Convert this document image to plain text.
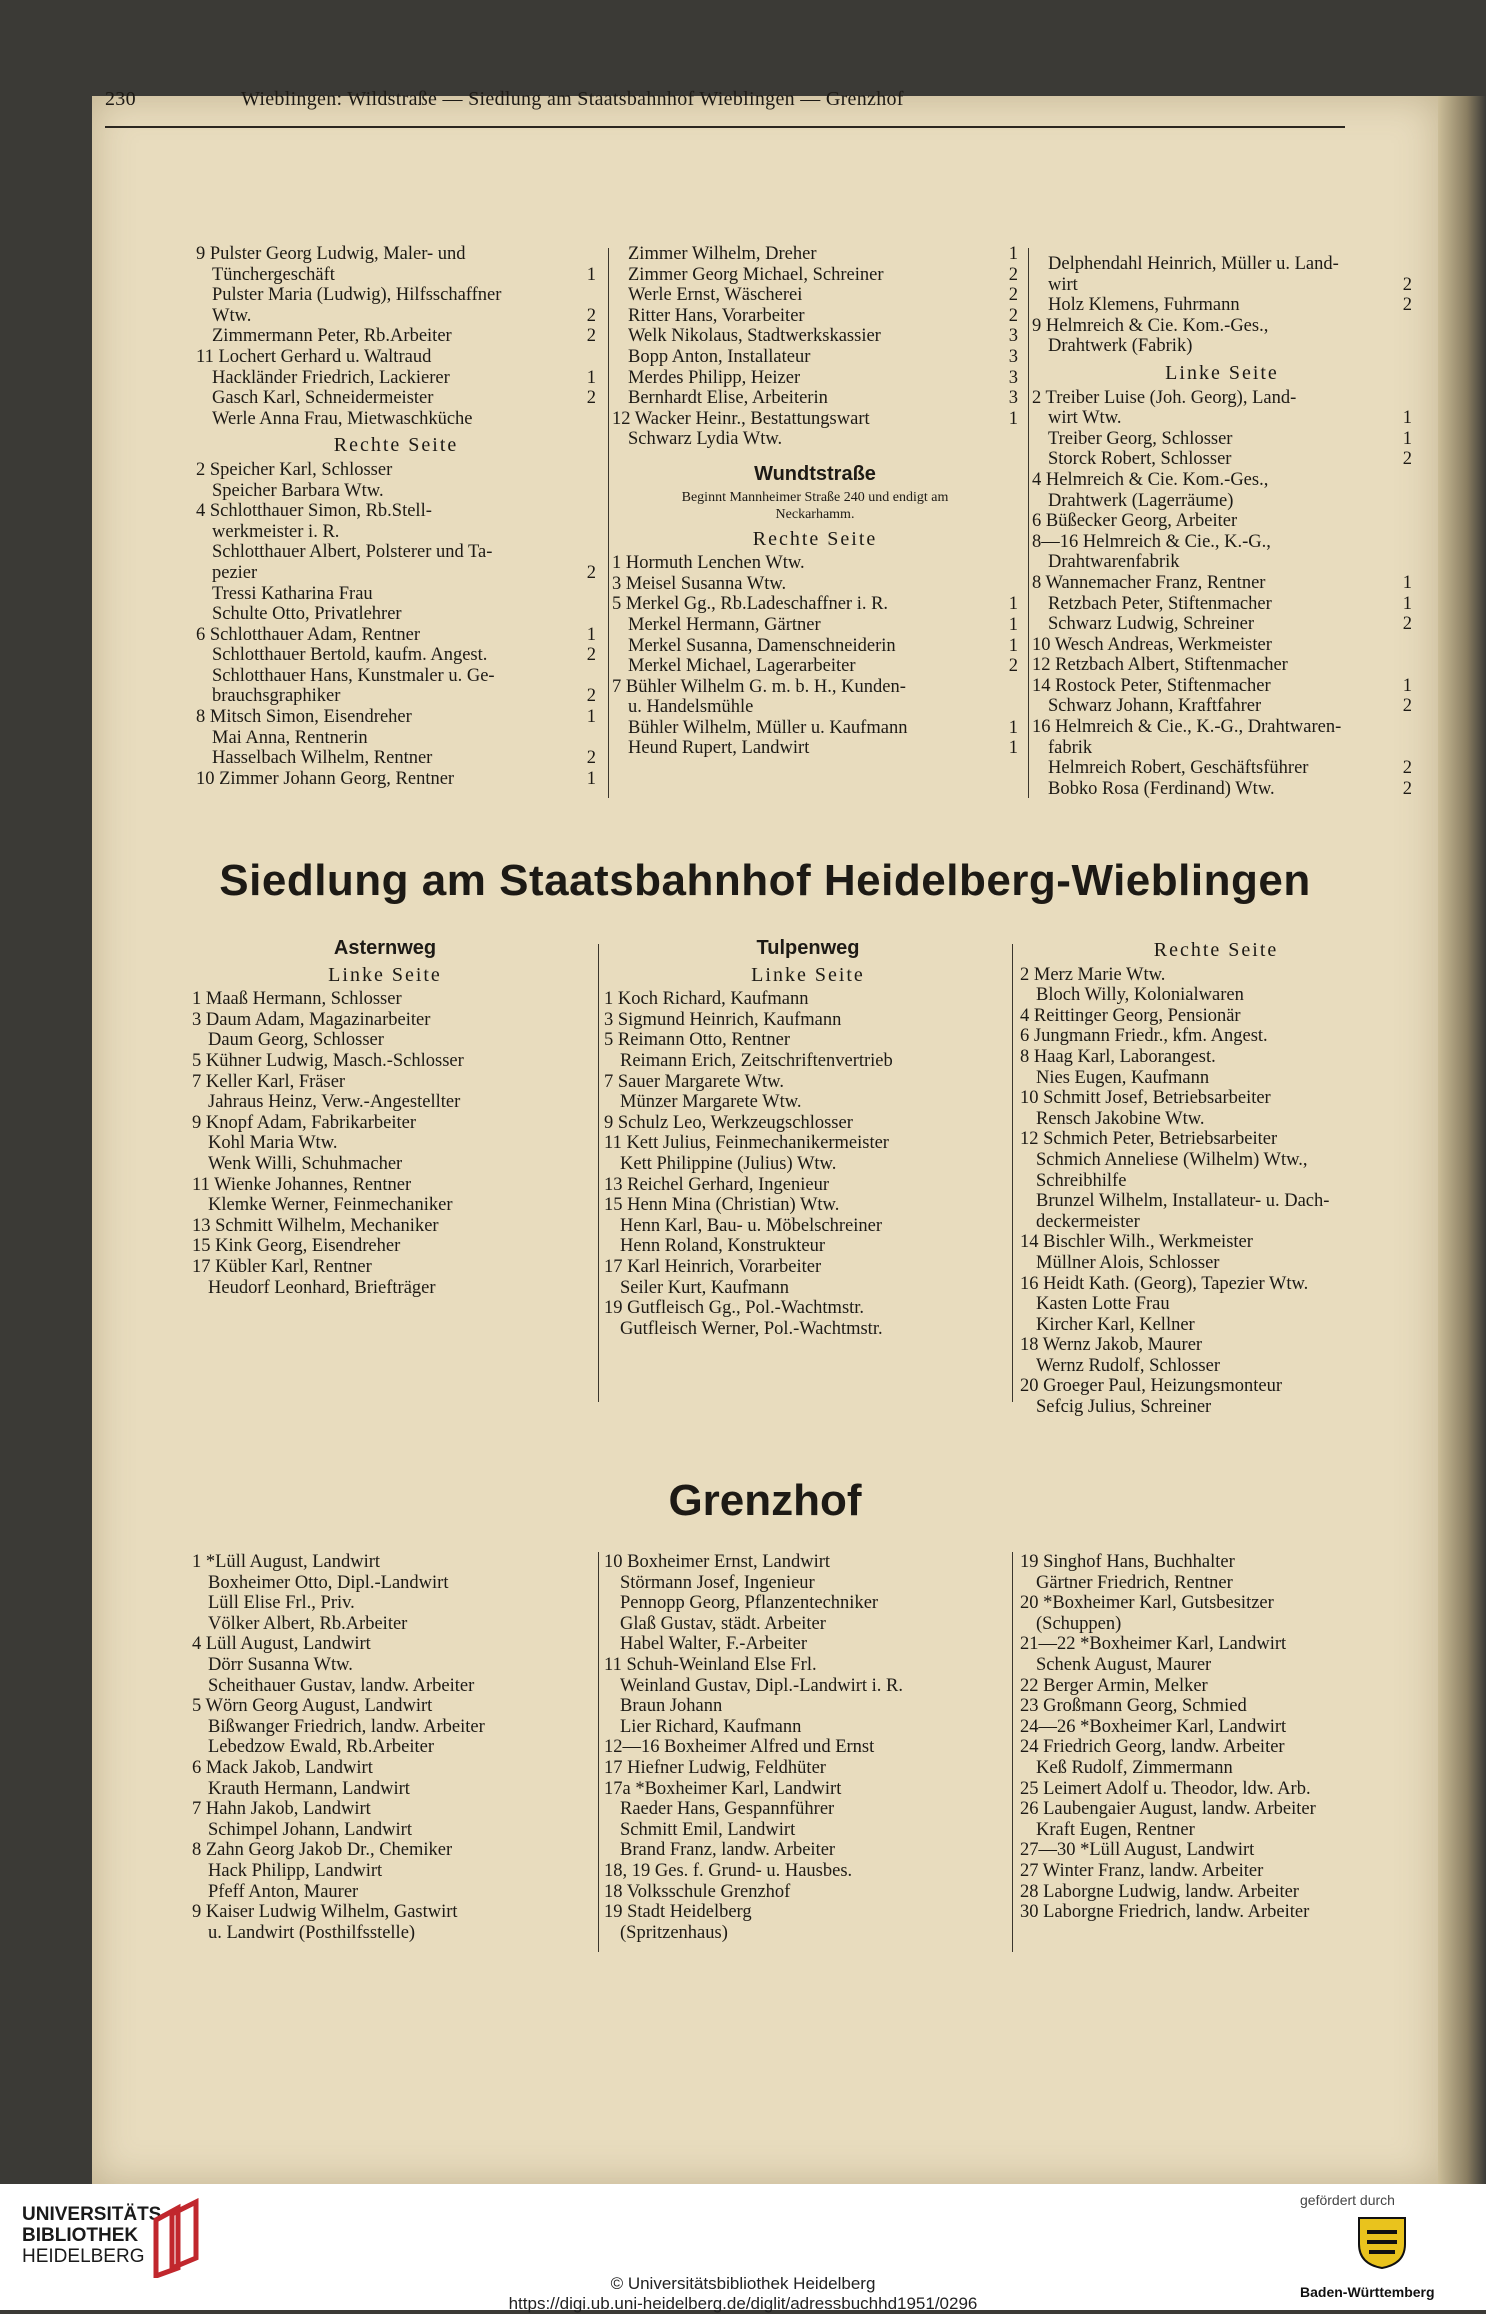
230	Wieblingen: Wildstraße — Siedlung am Staatsbahnhof Wieblingen — Grenzhof
9 Pulster Georg Ludwig, Maler- und
Tünchergeschäft	1
Pulster Maria (Ludwig), Hilfsschaffner
Wtw.	2
Zimmermann Peter, Rb.Arbeiter	2
11 Lochert Gerhard u. Waltraud
Hackländer Friedrich, Lackierer	1
Gasch Karl, Schneidermeister	2
Werle Anna Frau, Mietwaschküche
Rechte Seite
2 Speicher Karl, Schlosser
Speicher Barbara Wtw.
4 Schlotthauer Simon, Rb.Stell-
werkmeister i. R.
Schlotthauer Albert, Polsterer und Ta-
pezier	2
Tressi Katharina Frau
Schulte Otto, Privatlehrer
6 Schlotthauer Adam, Rentner	1
Schlotthauer Bertold, kaufm. Angest.	2
Schlotthauer Hans, Kunstmaler u. Ge-
brauchsgraphiker	2
8 Mitsch Simon, Eisendreher	1
Mai Anna, Rentnerin
Hasselbach Wilhelm, Rentner	2
10 Zimmer Johann Georg, Rentner	1
Zimmer Wilhelm, Dreher	1
Zimmer Georg Michael, Schreiner	2
Werle Ernst, Wäscherei	2
Ritter Hans, Vorarbeiter	2
Welk Nikolaus, Stadtwerkskassier	3
Bopp Anton, Installateur	3
Merdes Philipp, Heizer	3
Bernhardt Elise, Arbeiterin	3
12 Wacker Heinr., Bestattungswart	1
Schwarz Lydia Wtw.
Wundtstraße
Beginnt Mannheimer Straße 240 und endigt am
Neckarhamm.
Rechte Seite
1 Hormuth Lenchen Wtw.
3 Meisel Susanna Wtw.
5 Merkel Gg., Rb.Ladeschaffner i. R.	1
Merkel Hermann, Gärtner	1
Merkel Susanna, Damenschneiderin	1
Merkel Michael, Lagerarbeiter	2
7 Bühler Wilhelm G. m. b. H., Kunden-
u. Handelsmühle
Bühler Wilhelm, Müller u. Kaufmann	1
Heund Rupert, Landwirt	1
Delphendahl Heinrich, Müller u. Land-
wirt	2
Holz Klemens, Fuhrmann	2
9 Helmreich & Cie. Kom.-Ges.,
Drahtwerk (Fabrik)
Linke Seite
2 Treiber Luise (Joh. Georg), Land-
wirt Wtw.	1
Treiber Georg, Schlosser	1
Storck Robert, Schlosser	2
4 Helmreich & Cie. Kom.-Ges.,
Drahtwerk (Lagerräume)
6 Büßecker Georg, Arbeiter
8—16 Helmreich & Cie., K.-G.,
Drahtwarenfabrik
8 Wannemacher Franz, Rentner	1
Retzbach Peter, Stiftenmacher	1
Schwarz Ludwig, Schreiner	2
10 Wesch Andreas, Werkmeister
12 Retzbach Albert, Stiftenmacher
14 Rostock Peter, Stiftenmacher	1
Schwarz Johann, Kraftfahrer	2
16 Helmreich & Cie., K.-G., Drahtwaren-
fabrik
Helmreich Robert, Geschäftsführer	2
Bobko Rosa (Ferdinand) Wtw.	2
Siedlung am Staatsbahnhof Heidelberg-Wieblingen
Asternweg
Linke Seite
1 Maaß Hermann, Schlosser
3 Daum Adam, Magazinarbeiter
Daum Georg, Schlosser
5 Kühner Ludwig, Masch.-Schlosser
7 Keller Karl, Fräser
Jahraus Heinz, Verw.-Angestellter
9 Knopf Adam, Fabrikarbeiter
Kohl Maria Wtw.
Wenk Willi, Schuhmacher
11 Wienke Johannes, Rentner
Klemke Werner, Feinmechaniker
13 Schmitt Wilhelm, Mechaniker
15 Kink Georg, Eisendreher
17 Kübler Karl, Rentner
Heudorf Leonhard, Briefträger
Tulpenweg
Linke Seite
1 Koch Richard, Kaufmann
3 Sigmund Heinrich, Kaufmann
5 Reimann Otto, Rentner
Reimann Erich, Zeitschriftenvertrieb
7 Sauer Margarete Wtw.
Münzer Margarete Wtw.
9 Schulz Leo, Werkzeugschlosser
11 Kett Julius, Feinmechanikermeister
Kett Philippine (Julius) Wtw.
13 Reichel Gerhard, Ingenieur
15 Henn Mina (Christian) Wtw.
Henn Karl, Bau- u. Möbelschreiner
Henn Roland, Konstrukteur
17 Karl Heinrich, Vorarbeiter
Seiler Kurt, Kaufmann
19 Gutfleisch Gg., Pol.-Wachtmstr.
Gutfleisch Werner, Pol.-Wachtmstr.
Rechte Seite
2 Merz Marie Wtw.
Bloch Willy, Kolonialwaren
4 Reittinger Georg, Pensionär
6 Jungmann Friedr., kfm. Angest.
8 Haag Karl, Laborangest.
Nies Eugen, Kaufmann
10 Schmitt Josef, Betriebsarbeiter
Rensch Jakobine Wtw.
12 Schmich Peter, Betriebsarbeiter
Schmich Anneliese (Wilhelm) Wtw.,
Schreibhilfe
Brunzel Wilhelm, Installateur- u. Dach-
deckermeister
14 Bischler Wilh., Werkmeister
Müllner Alois, Schlosser
16 Heidt Kath. (Georg), Tapezier Wtw.
Kasten Lotte Frau
Kircher Karl, Kellner
18 Wernz Jakob, Maurer
Wernz Rudolf, Schlosser
20 Groeger Paul, Heizungsmonteur
Sefcig Julius, Schreiner
Grenzhof
1 *Lüll August, Landwirt
Boxheimer Otto, Dipl.-Landwirt
Lüll Elise Frl., Priv.
Völker Albert, Rb.Arbeiter
4 Lüll August, Landwirt
Dörr Susanna Wtw.
Scheithauer Gustav, landw. Arbeiter
5 Wörn Georg August, Landwirt
Bißwanger Friedrich, landw. Arbeiter
Lebedzow Ewald, Rb.Arbeiter
6 Mack Jakob, Landwirt
Krauth Hermann, Landwirt
7 Hahn Jakob, Landwirt
Schimpel Johann, Landwirt
8 Zahn Georg Jakob Dr., Chemiker
Hack Philipp, Landwirt
Pfeff Anton, Maurer
9 Kaiser Ludwig Wilhelm, Gastwirt
u. Landwirt (Posthilfsstelle)
10 Boxheimer Ernst, Landwirt
Störmann Josef, Ingenieur
Pennopp Georg, Pflanzentechniker
Glaß Gustav, städt. Arbeiter
Habel Walter, F.-Arbeiter
11 Schuh-Weinland Else Frl.
Weinland Gustav, Dipl.-Landwirt i. R.
Braun Johann
Lier Richard, Kaufmann
12—16 Boxheimer Alfred und Ernst
17 Hiefner Ludwig, Feldhüter
17a *Boxheimer Karl, Landwirt
Raeder Hans, Gespannführer
Schmitt Emil, Landwirt
Brand Franz, landw. Arbeiter
18, 19 Ges. f. Grund- u. Hausbes.
18 Volksschule Grenzhof
19 Stadt Heidelberg
(Spritzenhaus)
19 Singhof Hans, Buchhalter
Gärtner Friedrich, Rentner
20 *Boxheimer Karl, Gutsbesitzer
(Schuppen)
21—22 *Boxheimer Karl, Landwirt
Schenk August, Maurer
22 Berger Armin, Melker
23 Großmann Georg, Schmied
24—26 *Boxheimer Karl, Landwirt
24 Friedrich Georg, landw. Arbeiter
Keß Rudolf, Zimmermann
25 Leimert Adolf u. Theodor, ldw. Arb.
26 Laubengaier August, landw. Arbeiter
Kraft Eugen, Rentner
27—30 *Lüll August, Landwirt
27 Winter Franz, landw. Arbeiter
28 Laborgne Ludwig, landw. Arbeiter
30 Laborgne Friedrich, landw. Arbeiter
UNIVERSITÄTS-
BIBLIOTHEK
HEIDELBERG
© Universitätsbibliothek Heidelberg
https://digi.ub.uni-heidelberg.de/diglit/adressbuchhd1951/0296
gefördert durch
Baden-Württemberg
